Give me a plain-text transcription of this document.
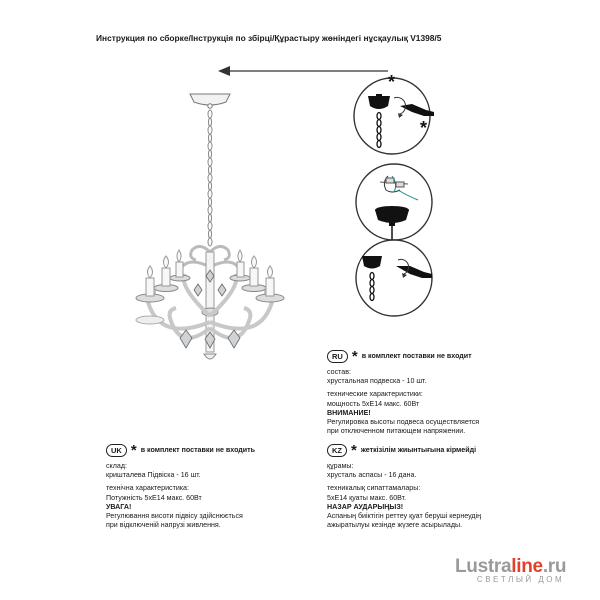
Инструкция по сборке/Інструкція по збірці/Құрастыру жөніндегі нұсқаулық V1398/5
*
*
RU * в комплект поставки не входит
состав:
хрустальная подвеска - 10 шт.
технические характеристики:
мощность 5хЕ14 макс. 60Вт
ВНИМАНИЕ!
Регулировка высоты подвеса осуществляется
при отключенном питающем напряжении.
UK * в комплект поставки не входить
склад:
кришталева Підвіска - 16 шт.
технічна характеристика:
Потужність 5хЕ14 макс. 60Вт
УВАГА!
Регулювання висоти підвісу здійснюється
при відключеній напрузі живлення.
KZ * жеткізілім жиынтығына кірмейді
құрамы:
хрусталь аспасы - 16 дана.
техникалық сипаттамалары:
5хЕ14 қуаты макс. 60Вт.
НАЗАР АУДАРЫҢЫЗ!
Аспаның биіктігін реттеу қуат беруші кернеудің
ажыратылуы кезінде жүзеге асырылады.
Lustraline.ru
СВЕТЛЫЙ ДОМ
